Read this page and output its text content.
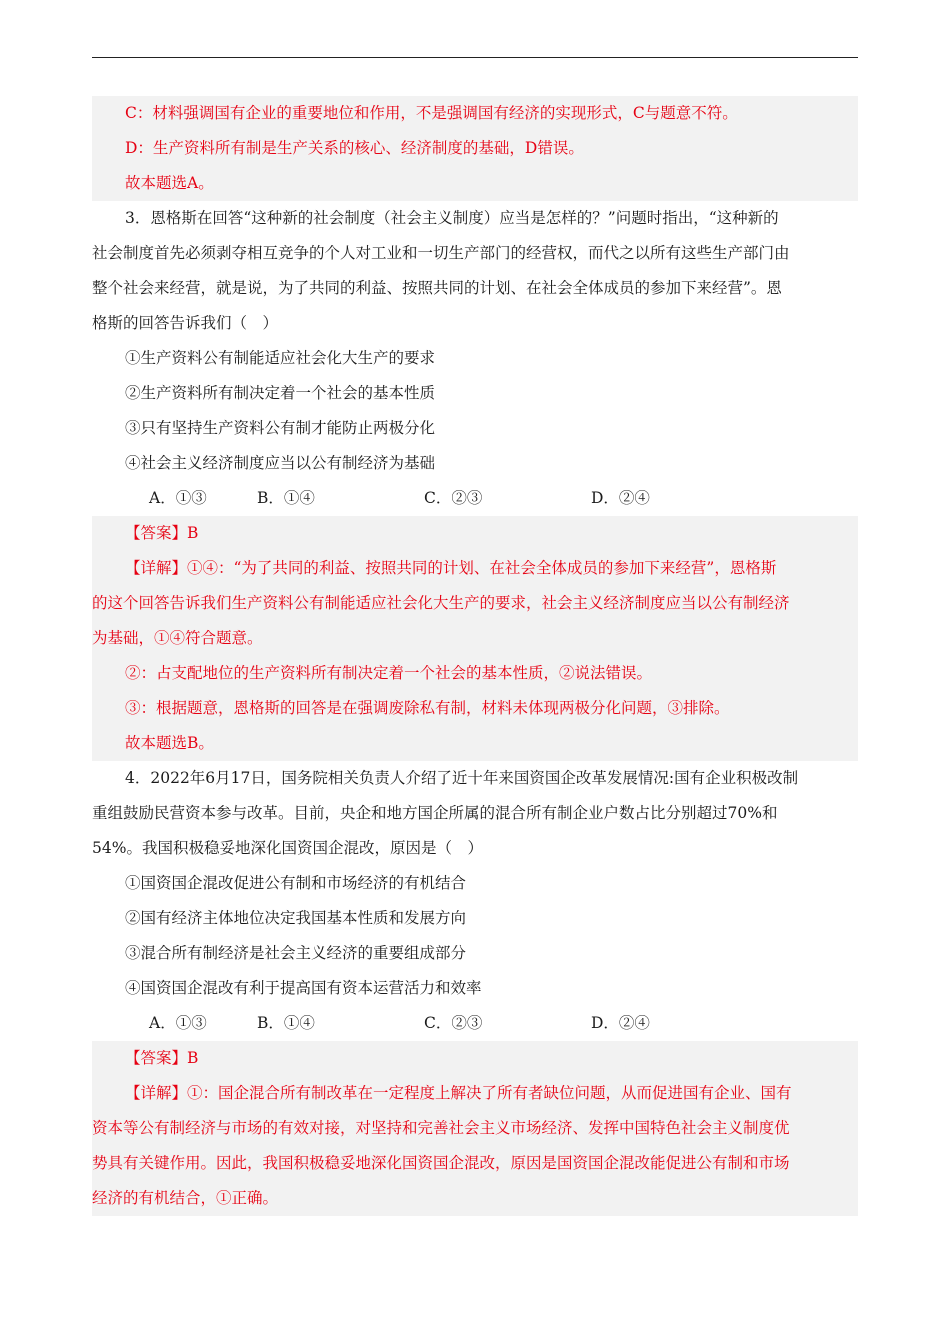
C：材料强调国有企业的重要地位和作用，不是强调国有经济的实现形式，C与题意不符。
D：生产资料所有制是生产关系的核心、经济制度的基础，D错误。
故本题选A。
3．恩格斯在回答“这种新的社会制度（社会主义制度）应当是怎样的？”问题时指出，“这种新的
社会制度首先必须剥夺相互竞争的个人对工业和一切生产部门的经营权，而代之以所有这些生产部门由
整个社会来经营，就是说，为了共同的利益、按照共同的计划、在社会全体成员的参加下来经营”。恩
格斯的回答告诉我们（　）
①生产资料公有制能适应社会化大生产的要求
②生产资料所有制决定着一个社会的基本性质
③只有坚持生产资料公有制才能防止两极分化
④社会主义经济制度应当以公有制经济为基础
A．①③	B．①④	C．②③	D．②④
【答案】B
【详解】①④：“为了共同的利益、按照共同的计划、在社会全体成员的参加下来经营”，恩格斯
的这个回答告诉我们生产资料公有制能适应社会化大生产的要求，社会主义经济制度应当以公有制经济
为基础，①④符合题意。
②：占支配地位的生产资料所有制决定着一个社会的基本性质，②说法错误。
③：根据题意，恩格斯的回答是在强调废除私有制，材料未体现两极分化问题，③排除。
故本题选B。
4．2022年6月17日，国务院相关负责人介绍了近十年来国资国企改革发展情况:国有企业积极改制
重组鼓励民营资本参与改革。目前，央企和地方国企所属的混合所有制企业户数占比分别超过70%和
54%。我国积极稳妥地深化国资国企混改，原因是（　）
①国资国企混改促进公有制和市场经济的有机结合
②国有经济主体地位决定我国基本性质和发展方向
③混合所有制经济是社会主义经济的重要组成部分
④国资国企混改有利于提高国有资本运营活力和效率
A．①③	B．①④	C．②③	D．②④
【答案】B
【详解】①：国企混合所有制改革在一定程度上解决了所有者缺位问题，从而促进国有企业、国有
资本等公有制经济与市场的有效对接，对坚持和完善社会主义市场经济、发挥中国特色社会主义制度优
势具有关键作用。因此，我国积极稳妥地深化国资国企混改，原因是国资国企混改能促进公有制和市场
经济的有机结合，①正确。
